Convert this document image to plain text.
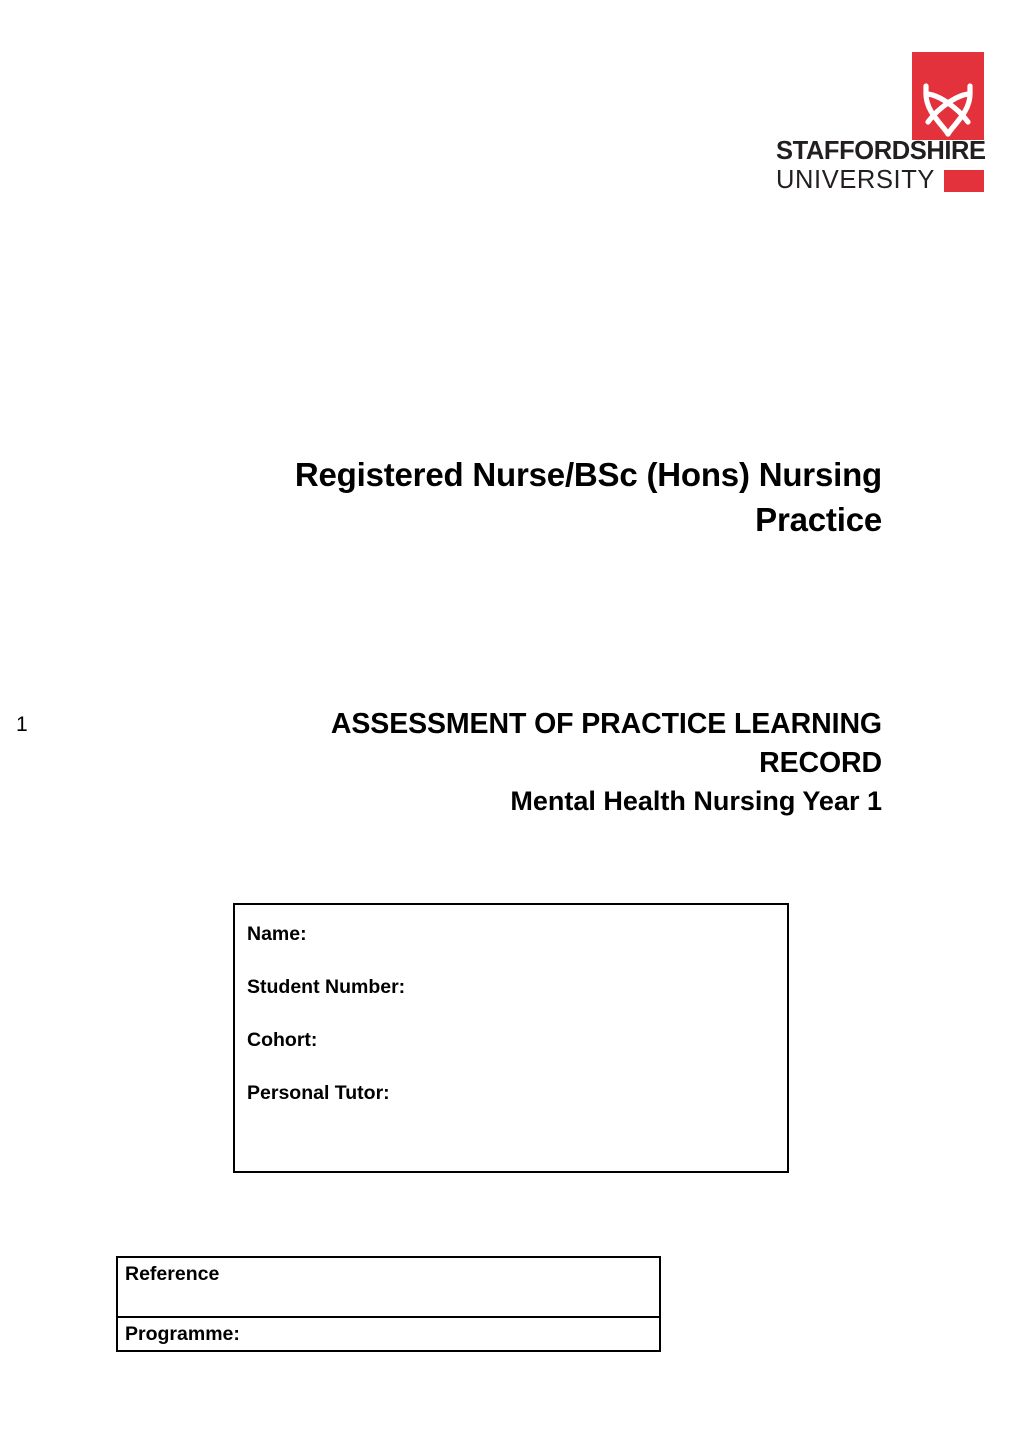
STAFFORDSHIRE
UNIVERSITY
Registered Nurse/BSc (Hons) Nursing
Practice
1	ASSESSMENT OF PRACTICE LEARNING
RECORD
Mental Health Nursing Year 1
Name:
Student Number:
Cohort:
Personal Tutor:
Reference
Programme:
